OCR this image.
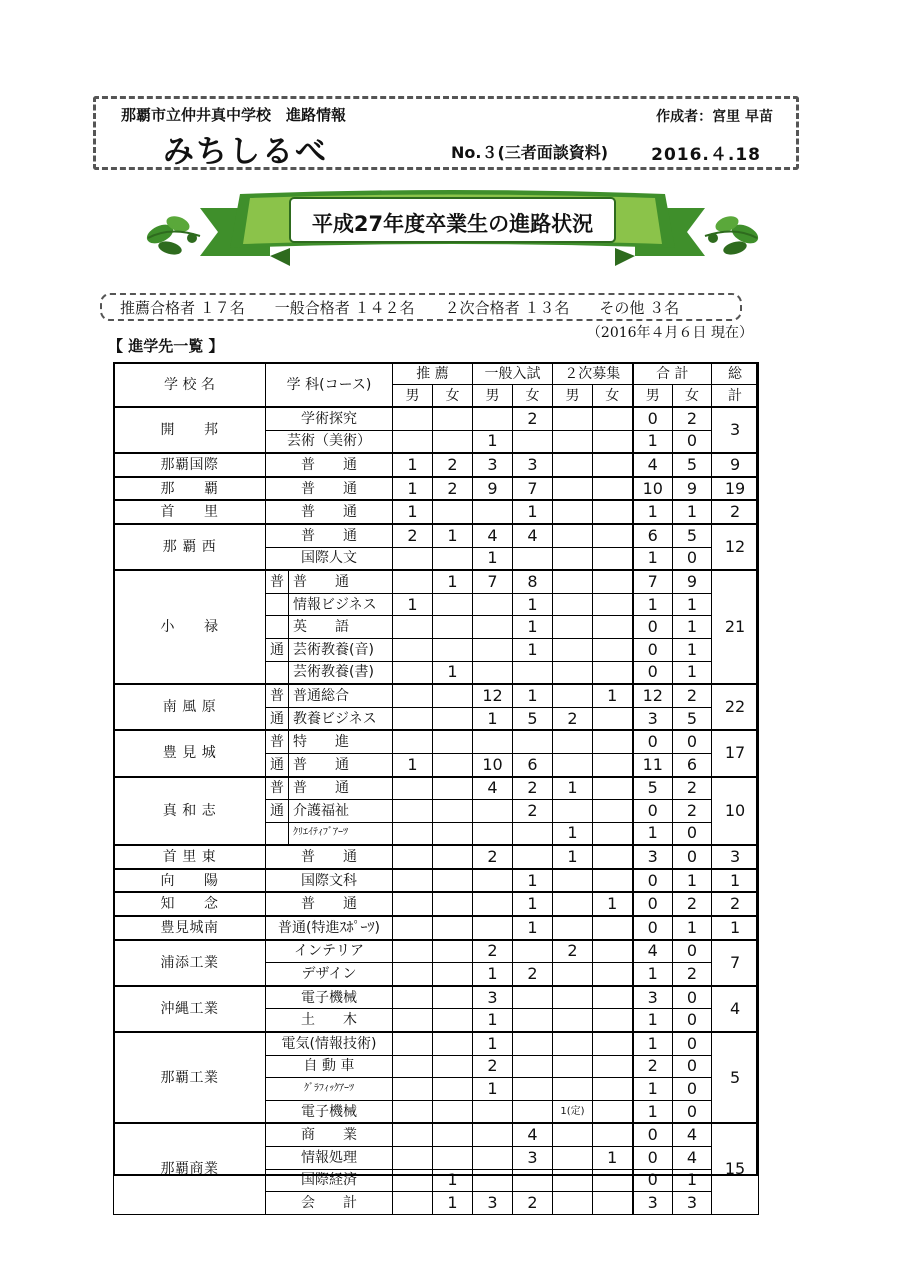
那覇市立仲井真中学校　進路情報
みちしるべ
作成者：宮里 早苗
No.３(三者面談資料)	2016.４.18
平成27年度卒業生の進路状況
推薦合格者 １７名 一般合格者 １４２名 ２次合格者 １３名 その他 ３名
（2016年４月６日 現在）
【 進学先一覧 】
学 校 名	学 科(コース)		推 薦		一般入試		２次募集		合 計		総
			男	女	男	女	男	女	男	女	計
開　　邦	学術探究					2			0	2	3
	芸術（美術）				1				1	0	
那覇国際	普　　通		1	2	3	3			4	5	9
那　　覇	普　　通		1	2	9	7			10	9	19
首　　里	普　　通		1			1			1	1	2
那 覇 西	普　　通		2	1	4	4			6	5	12
	国際人文				1				1	0	
小　　禄	普	普　　通		1	7	8			7	9	21
		情報ビジネス	1			1			1	1	
		英　　語				1			0	1	
	通	芸術教養(音)				1			0	1	
		芸術教養(書)		1					0	1	
南 風 原	普	普通総合			12	1		1	12	2	22
	通	教養ビジネス			1	5	2		3	5	
豊 見 城	普	特　　進							0	0	17
	通	普　　通	1		10	6			11	6	
真 和 志	普	普　　通			4	2	1		5	2	10
	通	介護福祉				2			0	2	
		ｸﾘｴｲﾃｨﾌﾞｱｰﾂ					1		1	0	
首 里 東	普　　通				2		1		3	0	3
向　　陽	国際文科					1			0	1	1
知　　念	普　　通					1		1	0	2	2
豊見城南	普通(特進ｽﾎﾟｰﾂ)					1			0	1	1
浦添工業	インテリア				2		2		4	0	7
	デザイン				1	2			1	2	
沖縄工業	電子機械				3				3	0	4
	土　　木				1				1	0	
那覇工業	電気(情報技術)				1				1	0	5
	自 動 車				2				2	0	
	ｸﾞﾗﾌｨｯｸｱｰﾂ				1				1	0	
	電子機械						1(定)		1	0	
那覇商業	商　　業					4			0	4	15
	情報処理					3		1	0	4	
	国際経済			1					0	1	
	会　　計			1	3	2			3	3	
